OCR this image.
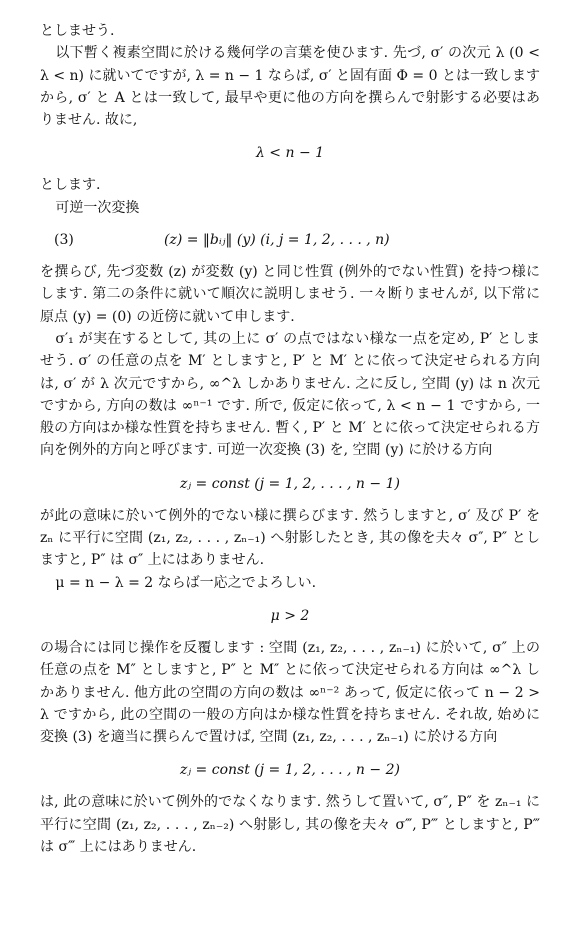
としませう.

以下暫く複素空間に於ける幾何学の言葉を使ひます. 先づ, σ′ の次元 λ (0 < λ < n) に就いてですが, λ = n − 1 ならば, σ′ と固有面 Φ = 0 とは一致しますから, σ′ と A とは一致して, 最早や更に他の方向を撰らんで射影する必要はありません. 故に,

λ < n − 1

とします.

可逆一次変換

(3)	(z) = ‖bᵢⱼ‖ (y) (i, j = 1, 2, . . . , n)

を撰らび, 先づ変数 (z) が変数 (y) と同じ性質 (例外的でない性質) を持つ様にします. 第二の条件に就いて順次に説明しませう. 一々断りませんが, 以下常に原点 (y) = (0) の近傍に就いて申します.

σ′₁ が実在するとして, 其の上に σ′ の点ではない様な一点を定め, P′ としませう. σ′ の任意の点を M′ としますと, P′ と M′ とに依って決定せられる方向は, σ′ が λ 次元ですから, ∞^λ しかありません. 之に反し, 空間 (y) は n 次元ですから, 方向の数は ∞ⁿ⁻¹ です. 所で, 仮定に依って, λ < n − 1 ですから, 一般の方向はか様な性質を持ちません. 暫く, P′ と M′ とに依って決定せられる方向を例外的方向と呼びます. 可逆一次変換 (3) を, 空間 (y) に於ける方向

zⱼ = const (j = 1, 2, . . . , n − 1)

が此の意味に於いて例外的でない様に撰らびます. 然うしますと, σ′ 及び P′ を zₙ に平行に空間 (z₁, z₂, . . . , zₙ₋₁) へ射影したとき, 其の像を夫々 σ″, P″ としますと, P″ は σ″ 上にはありません.

μ = n − λ = 2 ならば一応之でよろしい.

μ > 2

の場合には同じ操作を反覆します : 空間 (z₁, z₂, . . . , zₙ₋₁) に於いて, σ″ 上の任意の点を M″ としますと, P″ と M″ とに依って決定せられる方向は ∞^λ しかありません. 他方此の空間の方向の数は ∞ⁿ⁻² あって, 仮定に依って n − 2 > λ ですから, 此の空間の一般の方向はか様な性質を持ちません. それ故, 始めに変換 (3) を適当に撰らんで置けば, 空間 (z₁, z₂, . . . , zₙ₋₁) に於ける方向

zⱼ = const (j = 1, 2, . . . , n − 2)

は, 此の意味に於いて例外的でなくなります. 然うして置いて, σ″, P″ を zₙ₋₁ に平行に空間 (z₁, z₂, . . . , zₙ₋₂) へ射影し, 其の像を夫々 σ‴, P‴ としますと, P‴ は σ‴ 上にはありません.
